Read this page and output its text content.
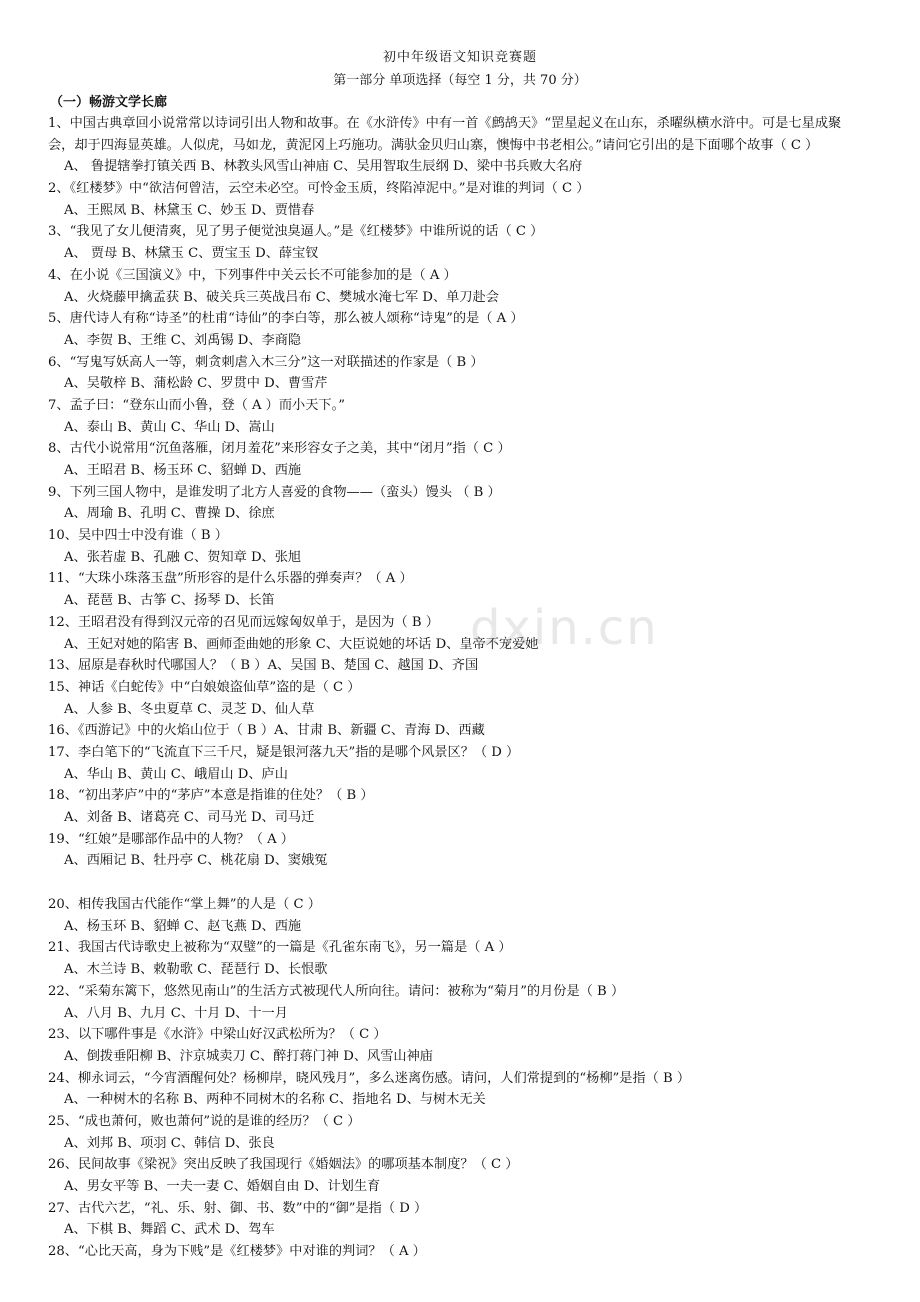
初中年级语文知识竞赛题
第一部分 单项选择（每空 1 分，共 70 分）
（一）畅游文学长廊
1、中国古典章回小说常常以诗词引出人物和故事。在《水浒传》中有一首《鹧鸪天》“罡星起义在山东，杀曜纵横水浒中。可是七星成聚
会，却于四海显英雄。人似虎，马如龙，黄泥冈上巧施功。满驮金贝归山寨，懊悔中书老相公。”请问它引出的是下面哪个故事（ C ）
A、 鲁提辖拳打镇关西 B、林教头风雪山神庙 C、吴用智取生辰纲 D、梁中书兵败大名府
2、《红楼梦》中“欲洁何曾洁，云空未必空。可怜金玉质，终陷淖泥中。”是对谁的判词（ C ）
A、王熙凤 B、林黛玉 C、妙玉 D、贾惜春
3、“我见了女儿便清爽，见了男子便觉浊臭逼人。”是《红楼梦》中谁所说的话（ C ）
A、 贾母 B、林黛玉 C、贾宝玉 D、薛宝钗
4、在小说《三国演义》中，下列事件中关云长不可能参加的是（ A ）
A、火烧藤甲擒孟获 B、破关兵三英战吕布 C、樊城水淹七军 D、单刀赴会
5、唐代诗人有称“诗圣”的杜甫“诗仙”的李白等，那么被人颂称“诗鬼”的是（ A ）
A、李贺 B、王维 C、刘禹锡 D、李商隐
6、“写鬼写妖高人一等，刺贪刺虐入木三分”这一对联描述的作家是（ B ）
A、吴敬梓 B、蒲松龄 C、罗贯中 D、曹雪芹
7、孟子曰：“登东山而小鲁，登（ A ）而小天下。”
A、泰山 B、黄山 C、华山 D、嵩山
8、古代小说常用“沉鱼落雁，闭月羞花”来形容女子之美，其中“闭月”指（ C ）
A、王昭君 B、杨玉环 C、貂蝉 D、西施
9、下列三国人物中，是谁发明了北方人喜爱的食物——（蛮头）馒头 （ B ）
A、周瑜 B、孔明 C、曹操 D、徐庶
10、吴中四士中没有谁（ B ）
A、张若虚 B、孔融 C、贺知章 D、张旭
11、“大珠小珠落玉盘”所形容的是什么乐器的弹奏声？（ A ）
A、琵琶 B、古筝 C、扬琴 D、长笛
12、王昭君没有得到汉元帝的召见而远嫁匈奴单于，是因为（ B ）
A、王妃对她的陷害 B、画师歪曲她的形象 C、大臣说她的坏话 D、皇帝不宠爱她
13、屈原是春秋时代哪国人？（ B ）A、吴国 B、楚国 C、越国 D、齐国
15、神话《白蛇传》中“白娘娘盗仙草”盗的是（ C ）
A、人参 B、冬虫夏草 C、灵芝 D、仙人草
16、《西游记》中的火焰山位于（ B ）A、甘肃 B、新疆 C、青海 D、西藏
17、李白笔下的“飞流直下三千尺，疑是银河落九天”指的是哪个风景区？（ D ）
A、华山 B、黄山 C、峨眉山 D、庐山
18、“初出茅庐”中的“茅庐”本意是指谁的住处？（ B ）
A、刘备 B、诸葛亮 C、司马光 D、司马迁
19、“红娘”是哪部作品中的人物？（ A ）
A、西厢记 B、牡丹亭 C、桃花扇 D、窦娥冤
20、相传我国古代能作“掌上舞”的人是（ C ）
A、杨玉环 B、貂蝉 C、赵飞燕 D、西施
21、我国古代诗歌史上被称为“双璧”的一篇是《孔雀东南飞》，另一篇是（ A ）
A、木兰诗 B、敕勒歌 C、琵琶行 D、长恨歌
22、“采菊东篱下，悠然见南山”的生活方式被现代人所向往。请问：被称为“菊月”的月份是（ B ）
A、八月 B、九月 C、十月 D、十一月
23、以下哪件事是《水浒》中梁山好汉武松所为？（ C ）
A、倒拨垂阳柳 B、汴京城卖刀 C、醉打蒋门神 D、风雪山神庙
24、柳永词云，“今宵酒醒何处？杨柳岸，晓风残月”，多么迷离伤感。请问，人们常提到的“杨柳”是指（ B ）
A、一种树木的名称 B、两种不同树木的名称 C、指地名 D、与树木无关
25、“成也萧何，败也萧何”说的是谁的经历？（ C ）
A、刘邦 B、项羽 C、韩信 D、张良
26、民间故事《梁祝》突出反映了我国现行《婚姻法》的哪项基本制度？（ C ）
A、男女平等 B、一夫一妻 C、婚姻自由 D、计划生育
27、古代六艺，“礼、乐、射、御、书、数”中的“御”是指（ D ）
A、下棋 B、舞蹈 C、武术 D、驾车
28、“心比天高，身为下贱”是《红楼梦》中对谁的判词？（ A ）
dxin.cn
